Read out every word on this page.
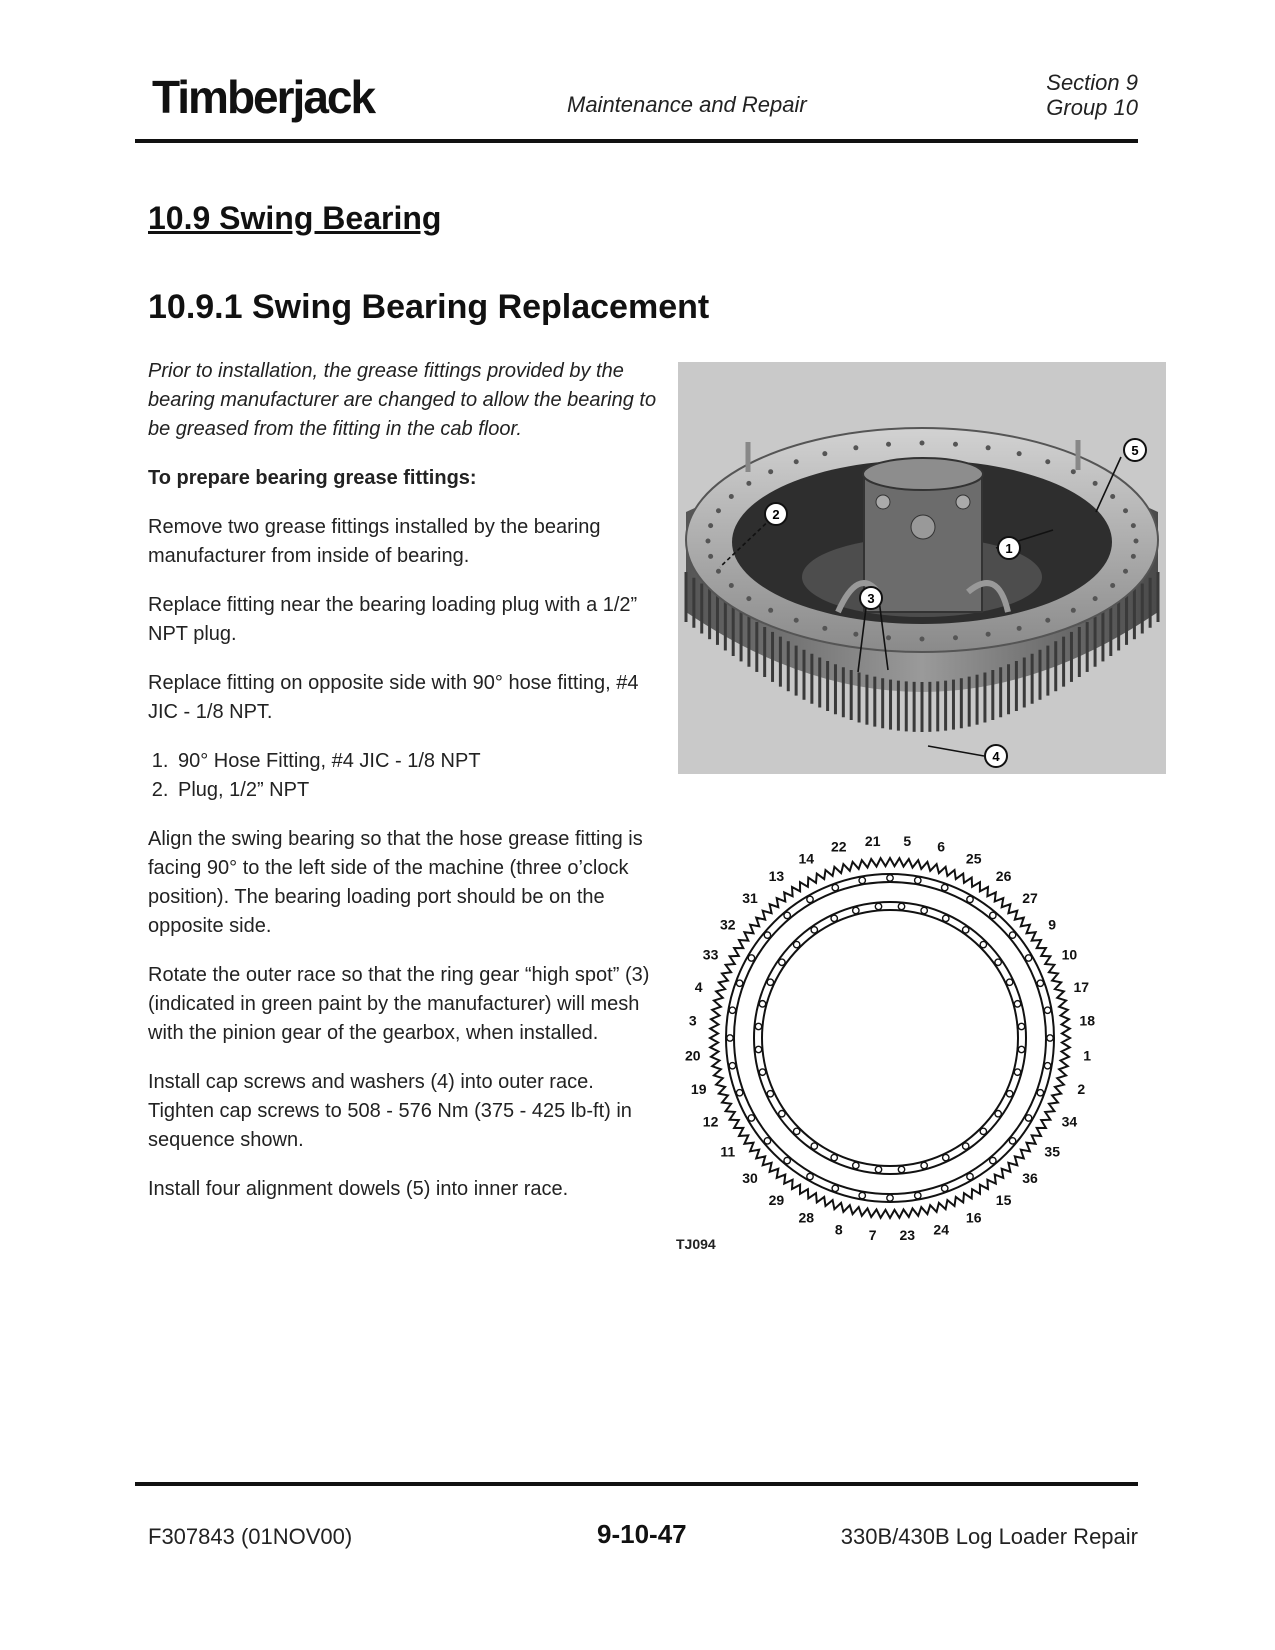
Timberjack	Maintenance and Repair
Section 9
Group 10
10.9 Swing Bearing
10.9.1 Swing Bearing Replacement

Prior to installation, the grease fittings provided by the bearing manufacturer are changed to allow the bearing to be greased from the fitting in the cab floor.

To prepare bearing grease fittings:

Remove two grease fittings installed by the bearing manufacturer from inside of bearing.

Replace fitting near the bearing loading plug with a 1/2” NPT plug.

Replace fitting on opposite side with 90° hose fitting, #4 JIC - 1/8 NPT.

1. 90° Hose Fitting, #4 JIC - 1/8 NPT
2. Plug, 1/2” NPT

Align the swing bearing so that the hose grease fitting is facing 90° to the left side of the machine (three o’clock position). The bearing loading port should be on the opposite side.

Rotate the outer race so that the ring gear “high spot” (3) (indicated in green paint by the manufacturer) will mesh with the pinion gear of the gearbox, when installed.

Install cap screws and washers (4) into outer race. Tighten cap screws to 508 - 576 Nm (375 - 425 lb-ft) in sequence shown.

Install four alignment dowels (5) into inner race.

1
2
3
4
5
5 6
25
26
27
9
10
17
18
1
2
34
35
36
15
16
24
23
7
8
28
29
30
11
12
19
20
3
4
33
32
31
13
14
22 21
TJ094
F307843 (01NOV00)	9-10-47	330B/430B Log Loader Repair
